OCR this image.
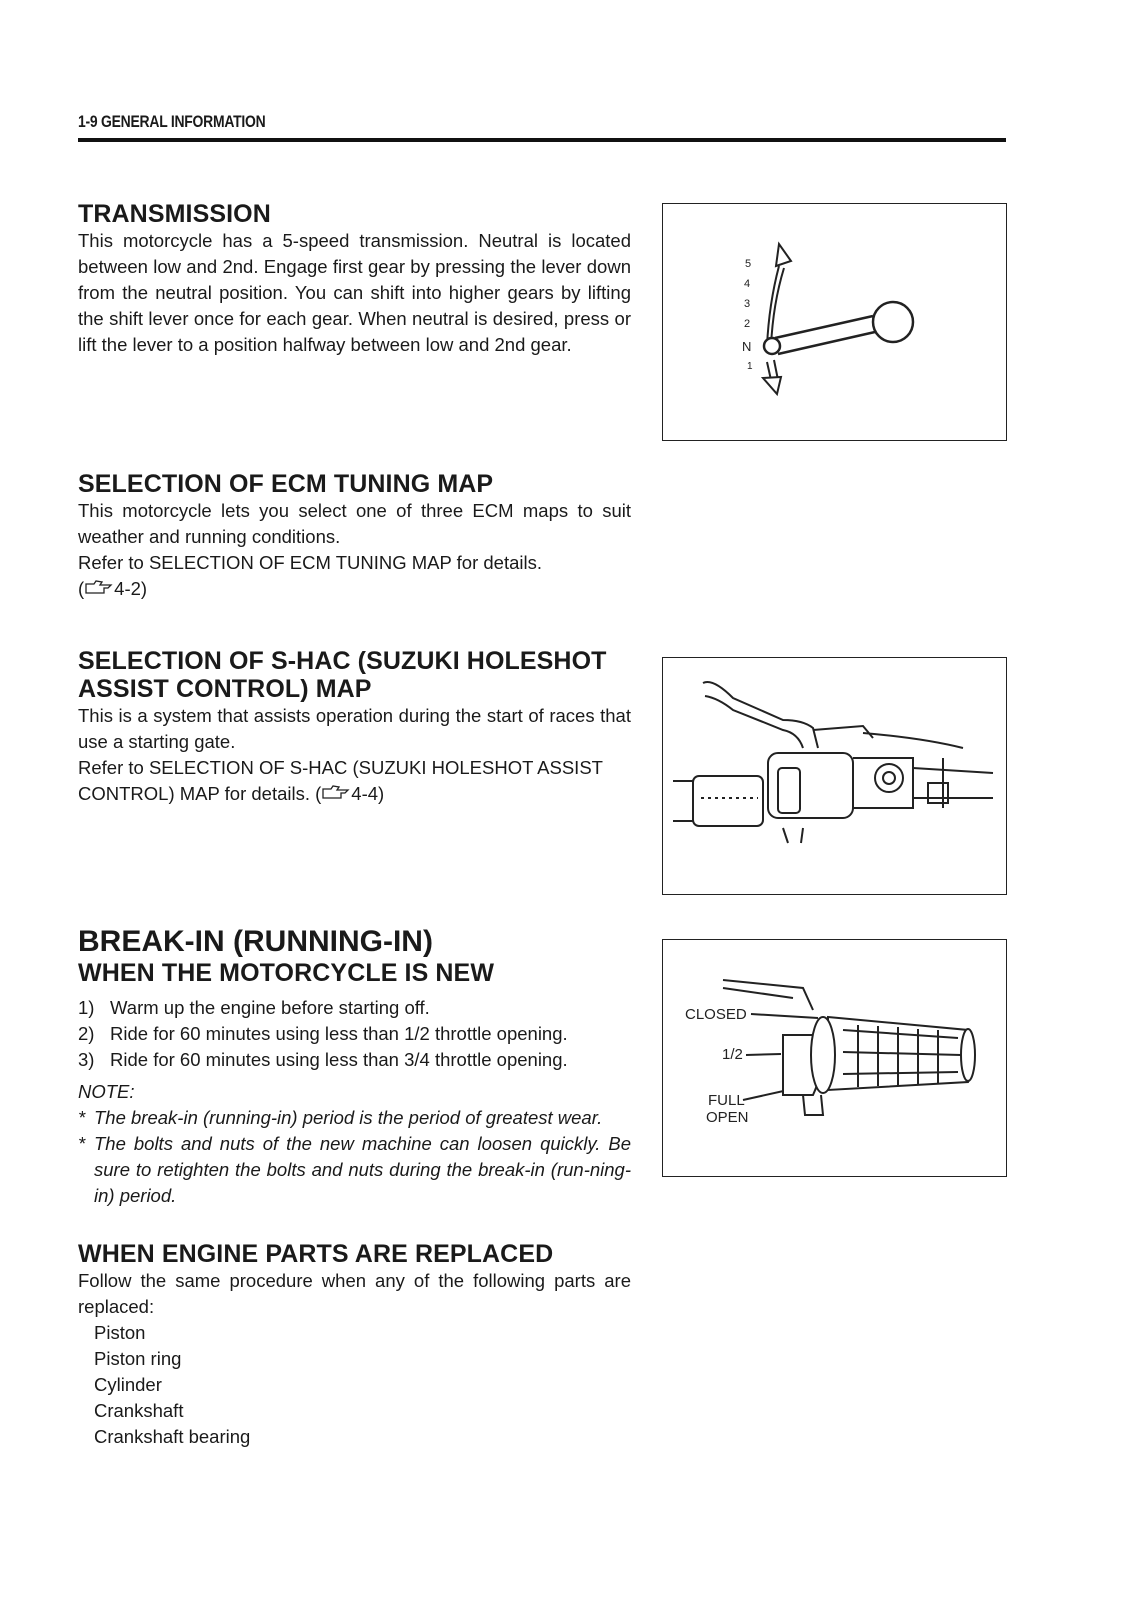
1-9 GENERAL INFORMATION
TRANSMISSION

This motorcycle has a 5-speed transmission. Neutral is located between low and 2nd. Engage first gear by pressing the lever down from the neutral position. You can shift into higher gears by lifting the shift lever once for each gear. When neutral is desired, press or lift the lever to a position halfway between low and 2nd gear.

5
4
3
2
N
1
SELECTION OF ECM TUNING MAP

This motorcycle lets you select one of three ECM maps to suit weather and running conditions.

Refer to SELECTION OF ECM TUNING MAP for details.

( 4-2)

SELECTION OF S-HAC (SUZUKI HOLESHOT
ASSIST CONTROL) MAP

This is a system that assists operation during the start of races that use a starting gate.

Refer to SELECTION OF S-HAC (SUZUKI HOLESHOT ASSIST CONTROL) MAP for details. ( 4-4)

BREAK-IN (RUNNING-IN)
WHEN THE MOTORCYCLE IS NEW
1) Warm up the engine before starting off.
2) Ride for 60 minutes using less than 1/2 throttle opening.
3) Ride for 60 minutes using less than 3/4 throttle opening.
NOTE:
* The break-in (running-in) period is the period of greatest wear.
* The bolts and nuts of the new machine can loosen quickly. Be sure to retighten the bolts and nuts during the break-in (run-ning-in) period.
CLOSED
1/2
FULL
OPEN
WHEN ENGINE PARTS ARE REPLACED

Follow the same procedure when any of the following parts are replaced:

Piston
Piston ring
Cylinder
Crankshaft
Crankshaft bearing
